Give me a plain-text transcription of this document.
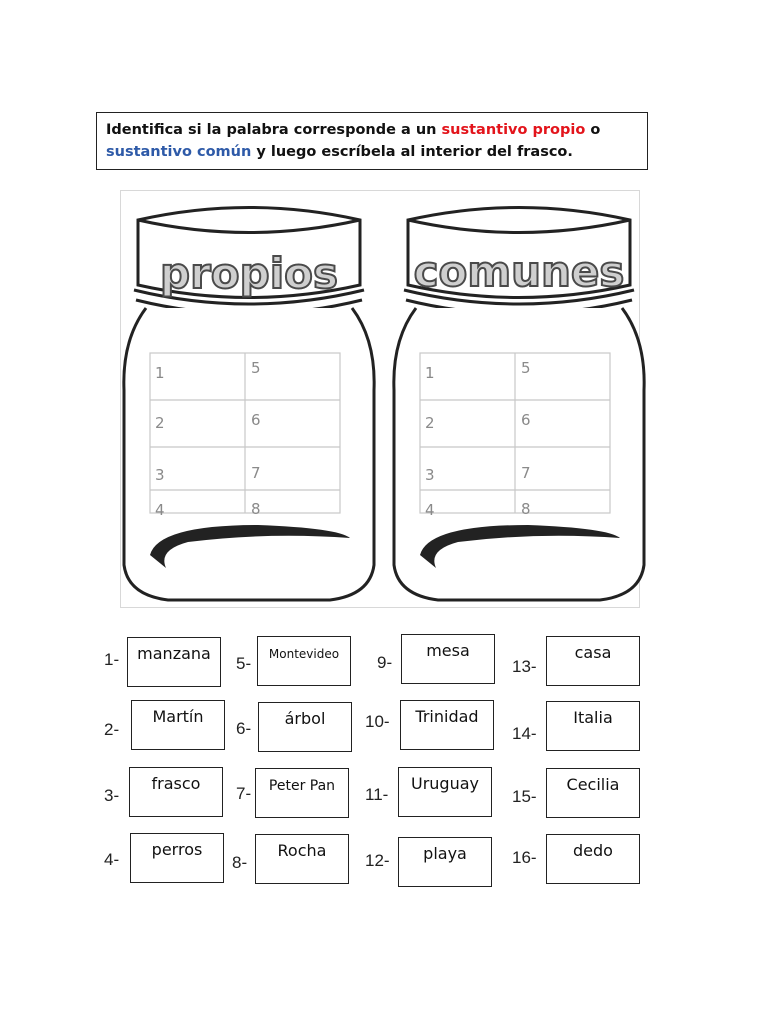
Identifica si la palabra corresponde a un sustantivo propio o sustantivo común y luego escríbela al interior del frasco.
propios
1
2
3
4
5
6
7
8
comunes
1
2
3
4
5
6
7
8
1-	manzana
2-
Martín
3-
frasco
4-
perros
5-	Montevideo
6-
árbol
7-	Peter Pan
8-
Rocha
9-
mesa
10-	Trinidad
11-
Uruguay
12-	playa
13-
casa
14-
Italia
15-
Cecilia
16-	dedo
